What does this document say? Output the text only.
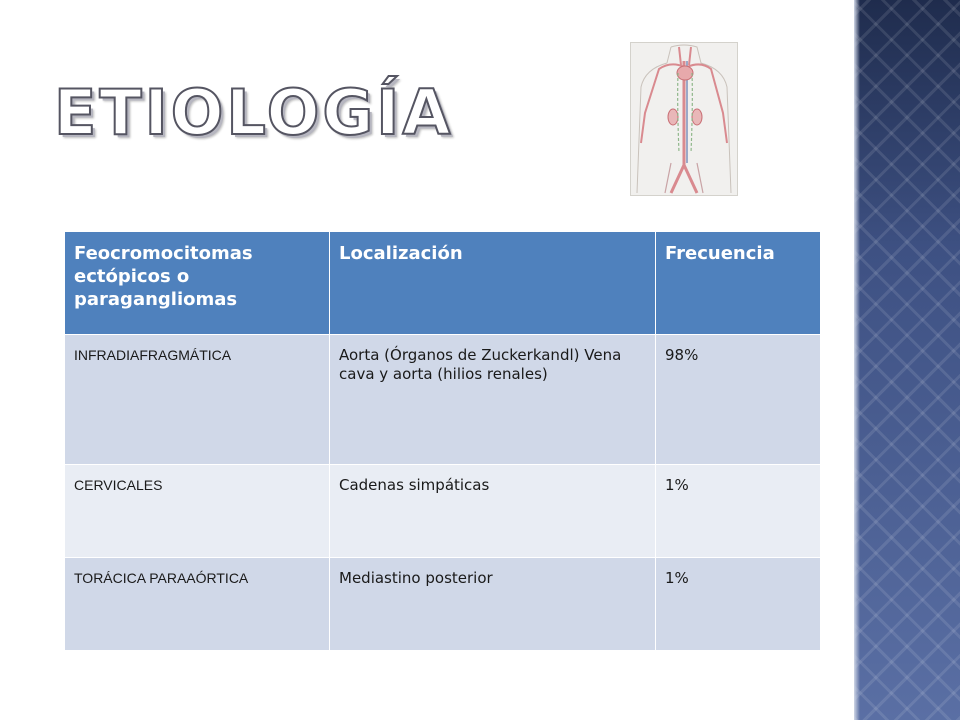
ETIOLOGÍA
Feocromocitomas ectópicos o paragangliomas	Localización	Frecuencia
INFRADIAFRAGMÁTICA	Aorta (Órganos de Zuckerkandl) Vena cava y aorta (hilios renales)	98%
CERVICALES	Cadenas simpáticas	1%
TORÁCICA PARAAÓRTICA	Mediastino posterior	1%
